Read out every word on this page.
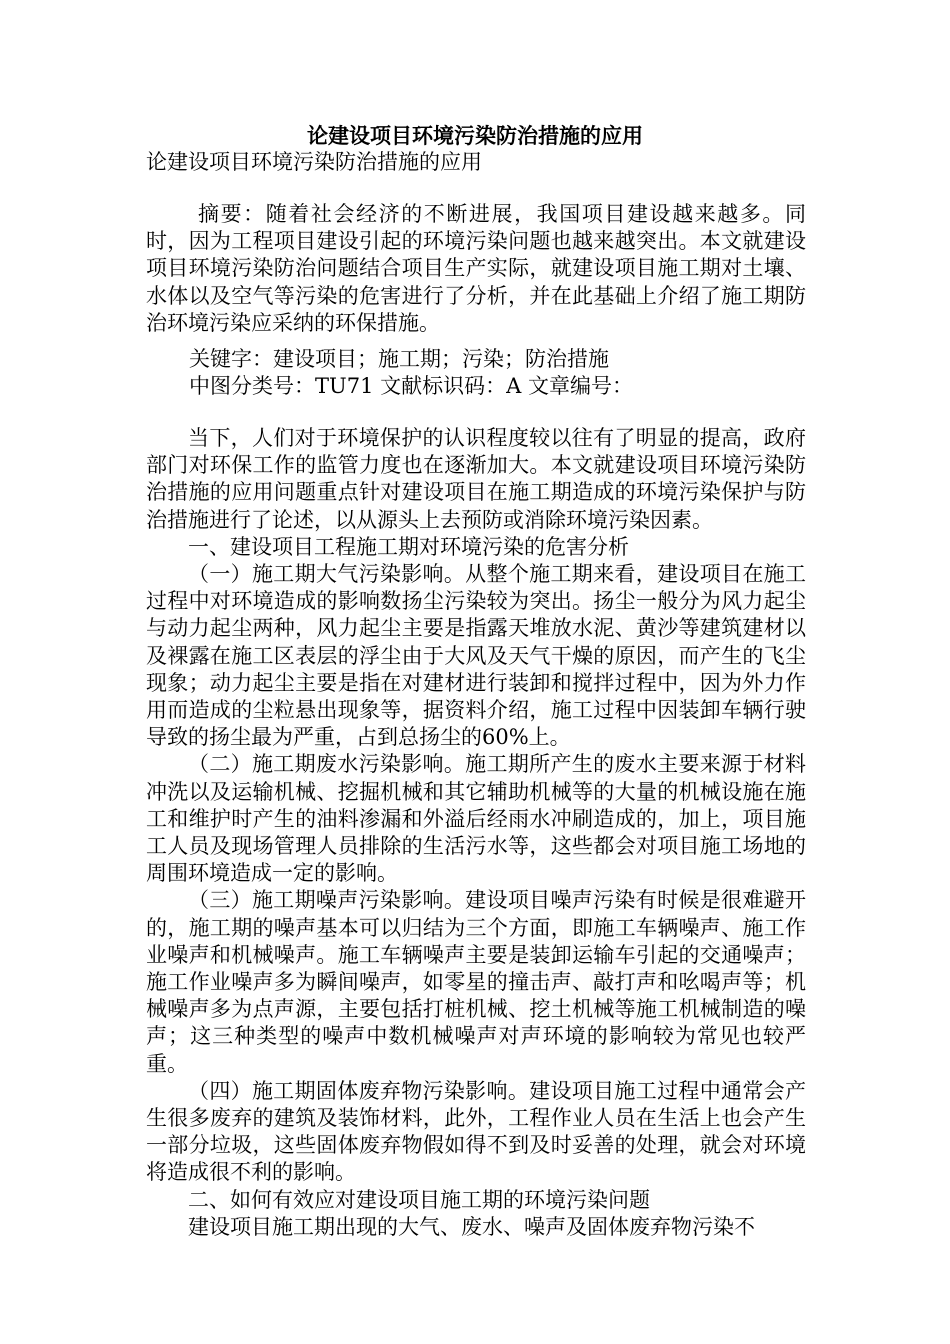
论建设项目环境污染防治措施的应用

论建设项目环境污染防治措施的应用

摘要：随着社会经济的不断进展，我国项目建设越来越多。同时，因为工程项目建设引起的环境污染问题也越来越突出。本文就建设项目环境污染防治问题结合项目生产实际，就建设项目施工期对土壤、水体以及空气等污染的危害进行了分析，并在此基础上介绍了施工期防治环境污染应采纳的环保措施。

关键字：建设项目；施工期；污染；防治措施

中图分类号：TU71 文献标识码：A 文章编号：

当下，人们对于环境保护的认识程度较以往有了明显的提高，政府部门对环保工作的监管力度也在逐渐加大。本文就建设项目环境污染防治措施的应用问题重点针对建设项目在施工期造成的环境污染保护与防治措施进行了论述，以从源头上去预防或消除环境污染因素。

一、建设项目工程施工期对环境污染的危害分析

（一）施工期大气污染影响。从整个施工期来看，建设项目在施工过程中对环境造成的影响数扬尘污染较为突出。扬尘一般分为风力起尘与动力起尘两种，风力起尘主要是指露天堆放水泥、黄沙等建筑建材以及裸露在施工区表层的浮尘由于大风及天气干燥的原因，而产生的飞尘现象；动力起尘主要是指在对建材进行装卸和搅拌过程中，因为外力作用而造成的尘粒悬出现象等，据资料介绍，施工过程中因装卸车辆行驶导致的扬尘最为严重，占到总扬尘的60%上。

（二）施工期废水污染影响。施工期所产生的废水主要来源于材料冲洗以及运输机械、挖掘机械和其它辅助机械等的大量的机械设施在施工和维护时产生的油料渗漏和外溢后经雨水冲刷造成的，加上，项目施工人员及现场管理人员排除的生活污水等，这些都会对项目施工场地的周围环境造成一定的影响。

（三）施工期噪声污染影响。建设项目噪声污染有时候是很难避开的，施工期的噪声基本可以归结为三个方面，即施工车辆噪声、施工作业噪声和机械噪声。施工车辆噪声主要是装卸运输车引起的交通噪声；施工作业噪声多为瞬间噪声，如零星的撞击声、敲打声和吆喝声等；机械噪声多为点声源，主要包括打桩机械、挖土机械等施工机械制造的噪声；这三种类型的噪声中数机械噪声对声环境的影响较为常见也较严重。

（四）施工期固体废弃物污染影响。建设项目施工过程中通常会产生很多废弃的建筑及装饰材料，此外，工程作业人员在生活上也会产生一部分垃圾，这些固体废弃物假如得不到及时妥善的处理，就会对环境将造成很不利的影响。

二、如何有效应对建设项目施工期的环境污染问题

建设项目施工期出现的大气、废水、噪声及固体废弃物污染不
